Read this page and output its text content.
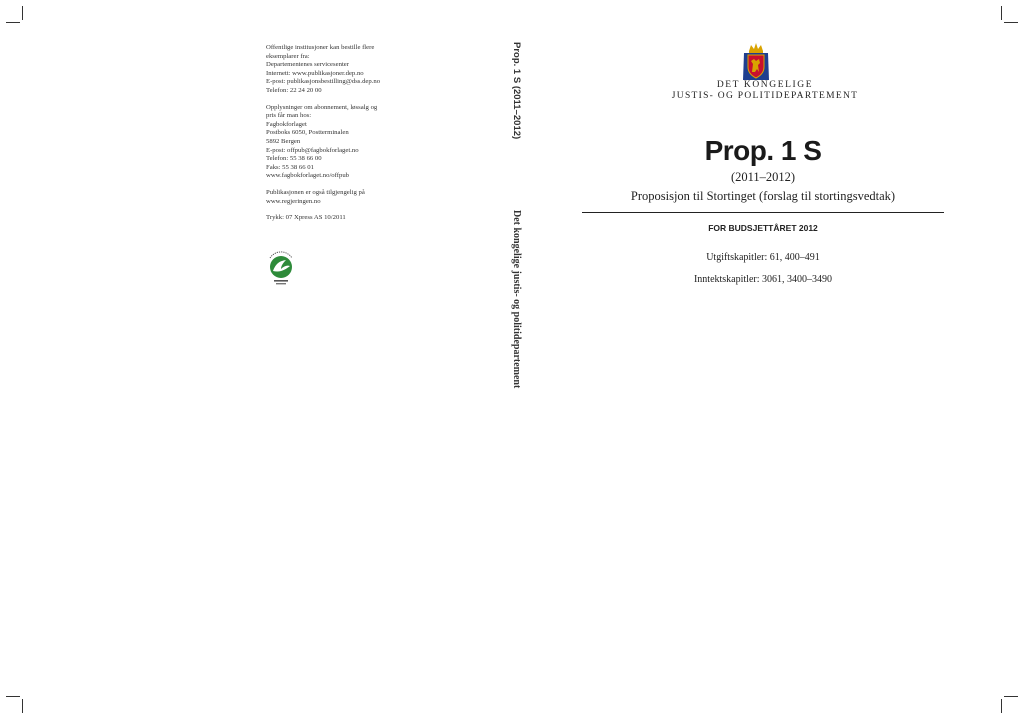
Offentlige institusjoner kan bestille flere
eksemplarer fra:
Departementenes servicesenter
Internett: www.publikasjoner.dep.no
E-post: publikasjonsbestilling@dss.dep.no
Telefon: 22 24 20 00

Opplysninger om abonnement, løssalg og
pris får man hos:
Fagbokforlaget
Postboks 6050, Postterminalen
5892 Bergen
E-post: offpub@fagbokforlaget.no
Telefon: 55 38 66 00
Faks: 55 38 66 01
www.fagbokforlaget.no/offpub

Publikasjonen er også tilgjengelig på
www.regjeringen.no

Trykk: 07 Xpress AS 10/2011

Prop. 1 S (2011–2012)
Det kongelige justis- og politidepartement
DET KONGELIGE
JUSTIS- OG POLITIDEPARTEMENT
Prop. 1 S
(2011–2012)
Proposisjon til Stortinget (forslag til stortingsvedtak)
FOR BUDSJETTÅRET 2012
Utgiftskapitler: 61, 400–491
Inntektskapitler: 3061, 3400–3490
